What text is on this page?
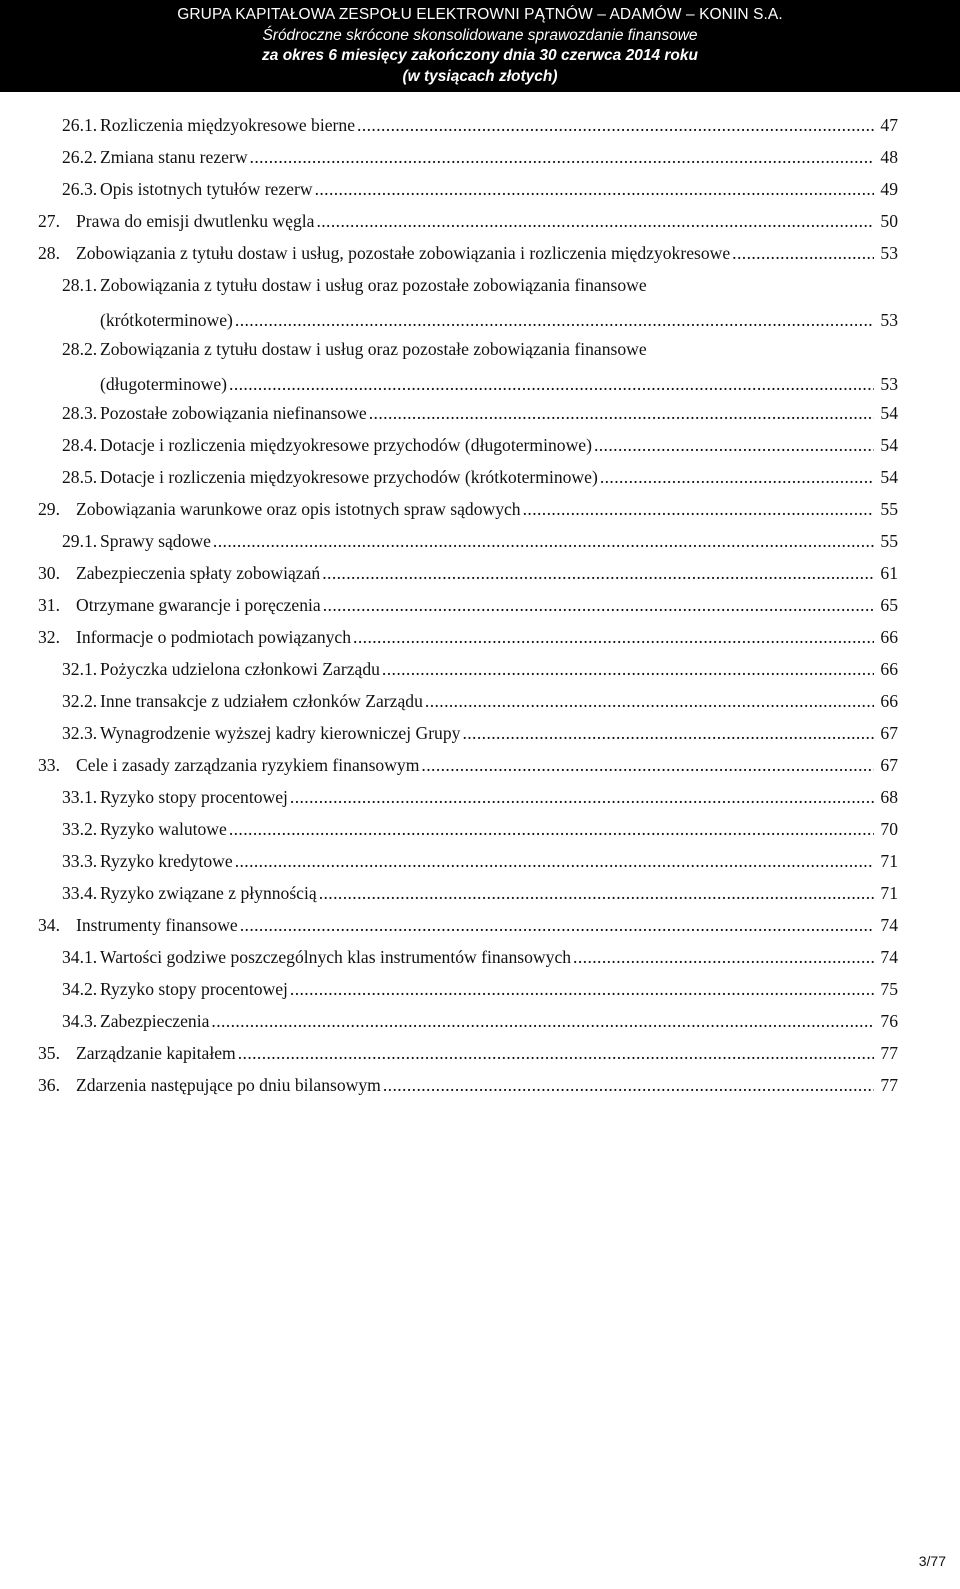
GRUPA KAPITAŁOWA ZESPOŁU ELEKTROWNI PĄTNÓW – ADAMÓW – KONIN S.A.
Śródroczne skrócone skonsolidowane sprawozdanie finansowe
za okres 6 miesięcy zakończony dnia 30 czerwca 2014 roku
(w tysiącach złotych)
26.1. Rozliczenia międzyokresowe bierne .....	47
26.2. Zmiana stanu rezerw .....	48
26.3. Opis istotnych tytułów rezerw .....	49
27. Prawa do emisji dwutlenku węgla .....	50
28. Zobowiązania z tytułu dostaw i usług, pozostałe zobowiązania i rozliczenia międzyokresowe .....	53
28.1. Zobowiązania z tytułu dostaw i usług oraz pozostałe zobowiązania finansowe
(krótkoterminowe) .....	53
28.2. Zobowiązania z tytułu dostaw i usług oraz pozostałe zobowiązania finansowe
(długoterminowe) .....	53
28.3. Pozostałe zobowiązania niefinansowe .....	54
28.4. Dotacje i rozliczenia międzyokresowe przychodów (długoterminowe) .....	54
28.5. Dotacje i rozliczenia międzyokresowe przychodów (krótkoterminowe) .....	54
29. Zobowiązania warunkowe oraz opis istotnych spraw sądowych .....	55
29.1. Sprawy sądowe .....	55
30. Zabezpieczenia spłaty zobowiązań .....	61
31. Otrzymane gwarancje i poręczenia .....	65
32. Informacje o podmiotach powiązanych .....	66
32.1. Pożyczka udzielona członkowi Zarządu .....	66
32.2. Inne transakcje z udziałem członków Zarządu .....	66
32.3. Wynagrodzenie wyższej kadry kierowniczej Grupy .....	67
33. Cele i zasady zarządzania ryzykiem finansowym .....	67
33.1. Ryzyko stopy procentowej .....	68
33.2. Ryzyko walutowe .....	70
33.3. Ryzyko kredytowe .....	71
33.4. Ryzyko związane z płynnością .....	71
34. Instrumenty finansowe .....	74
34.1. Wartości godziwe poszczególnych klas instrumentów finansowych .....	74
34.2. Ryzyko stopy procentowej .....	75
34.3. Zabezpieczenia .....	76
35. Zarządzanie kapitałem .....	77
36. Zdarzenia następujące po dniu bilansowym .....	77
3/77
